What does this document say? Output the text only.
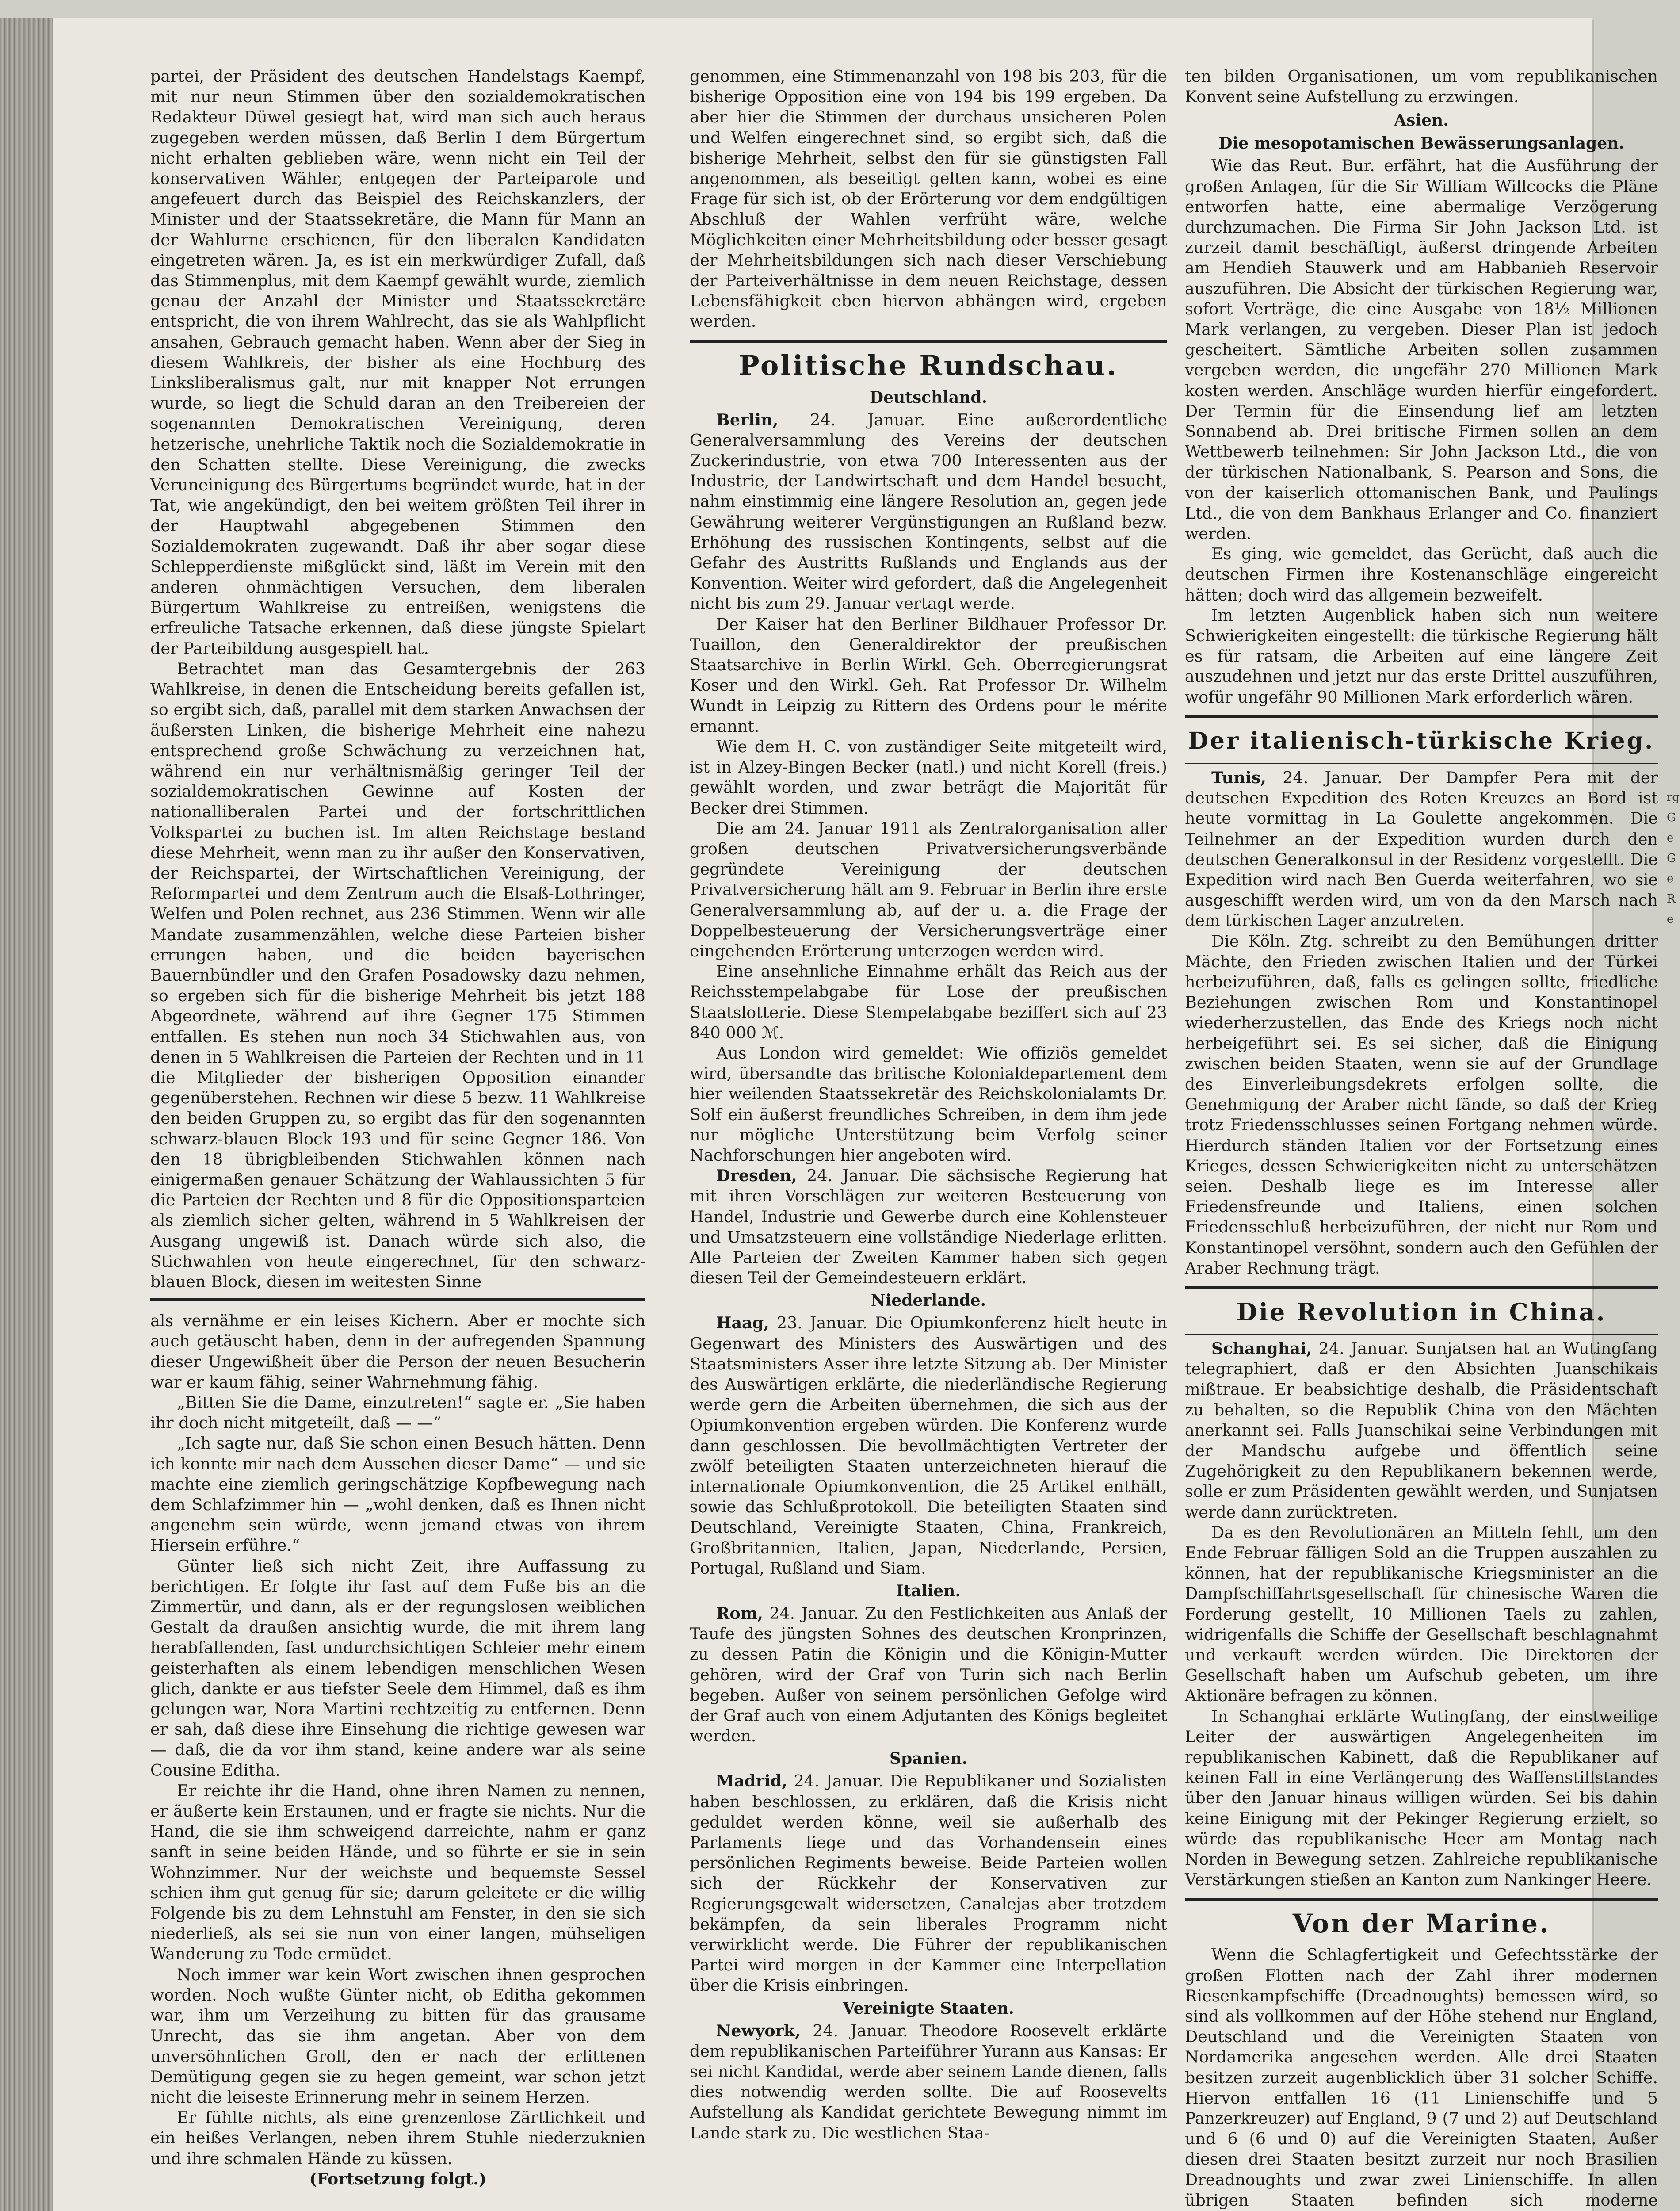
partei, der Präsident des deutschen Handelstags Kaempf, mit nur neun Stimmen über den sozialdemokratischen Redakteur Düwel gesiegt hat, wird man sich auch heraus zugegeben werden müssen, daß Berlin I dem Bürgertum nicht erhalten geblieben wäre, wenn nicht ein Teil der konservativen Wähler, entgegen der Parteiparole und angefeuert durch das Beispiel des Reichskanzlers, der Minister und der Staatssekretäre, die Mann für Mann an der Wahlurne erschienen, für den liberalen Kandidaten eingetreten wären. Ja, es ist ein merkwürdiger Zufall, daß das Stimmenplus, mit dem Kaempf gewählt wurde, ziemlich genau der Anzahl der Minister und Staatssekretäre entspricht, die von ihrem Wahlrecht, das sie als Wahlpflicht ansahen, Gebrauch gemacht haben. Wenn aber der Sieg in diesem Wahlkreis, der bisher als eine Hochburg des Linksliberalismus galt, nur mit knapper Not errungen wurde, so liegt die Schuld daran an den Treibereien der sogenannten Demokratischen Vereinigung, deren hetzerische, unehrliche Taktik noch die Sozialdemokratie in den Schatten stellte. Diese Vereinigung, die zwecks Veruneinigung des Bürgertums begründet wurde, hat in der Tat, wie angekündigt, den bei weitem größten Teil ihrer in der Hauptwahl abgegebenen Stimmen den Sozialdemokraten zugewandt. Daß ihr aber sogar diese Schlepperdienste mißglückt sind, läßt im Verein mit den anderen ohnmächtigen Versuchen, dem liberalen Bürgertum Wahlkreise zu entreißen, wenigstens die erfreuliche Tatsache erkennen, daß diese jüngste Spielart der Parteibildung ausgespielt hat.

Betrachtet man das Gesamtergebnis der 263 Wahlkreise, in denen die Entscheidung bereits gefallen ist, so ergibt sich, daß, parallel mit dem starken Anwachsen der äußersten Linken, die bisherige Mehrheit eine nahezu entsprechend große Schwächung zu verzeichnen hat, während ein nur verhältnismäßig geringer Teil der sozialdemokratischen Gewinne auf Kosten der nationalliberalen Partei und der fortschrittlichen Volkspartei zu buchen ist. Im alten Reichstage bestand diese Mehrheit, wenn man zu ihr außer den Konservativen, der Reichspartei, der Wirtschaftlichen Vereinigung, der Reformpartei und dem Zentrum auch die Elsaß-Lothringer, Welfen und Polen rechnet, aus 236 Stimmen. Wenn wir alle Mandate zusammenzählen, welche diese Parteien bisher errungen haben, und die beiden bayerischen Bauernbündler und den Grafen Posadowsky dazu nehmen, so ergeben sich für die bisherige Mehrheit bis jetzt 188 Abgeordnete, während auf ihre Gegner 175 Stimmen entfallen. Es stehen nun noch 34 Stichwahlen aus, von denen in 5 Wahlkreisen die Parteien der Rechten und in 11 die Mitglieder der bisherigen Opposition einander gegenüberstehen. Rechnen wir diese 5 bezw. 11 Wahlkreise den beiden Gruppen zu, so ergibt das für den sogenannten schwarz-blauen Block 193 und für seine Gegner 186. Von den 18 übrigbleibenden Stichwahlen können nach einigermaßen genauer Schätzung der Wahlaussichten 5 für die Parteien der Rechten und 8 für die Oppositionsparteien als ziemlich sicher gelten, während in 5 Wahlkreisen der Ausgang ungewiß ist. Danach würde sich also, die Stichwahlen von heute eingerechnet, für den schwarz-blauen Block, diesen im weitesten Sinne

als vernähme er ein leises Kichern. Aber er mochte sich auch getäuscht haben, denn in der aufregenden Spannung dieser Ungewißheit über die Person der neuen Besucherin war er kaum fähig, seiner Wahrnehmung fähig.

„Bitten Sie die Dame, einzutreten!“ sagte er. „Sie haben ihr doch nicht mitgeteilt, daß — —“

„Ich sagte nur, daß Sie schon einen Besuch hätten. Denn ich konnte mir nach dem Aussehen dieser Dame“ — und sie machte eine ziemlich geringschätzige Kopfbewegung nach dem Schlafzimmer hin — „wohl denken, daß es Ihnen nicht angenehm sein würde, wenn jemand etwas von ihrem Hiersein erführe.“

Günter ließ sich nicht Zeit, ihre Auffassung zu berichtigen. Er folgte ihr fast auf dem Fuße bis an die Zimmertür, und dann, als er der regungslosen weiblichen Gestalt da draußen ansichtig wurde, die mit ihrem lang herabfallenden, fast undurchsichtigen Schleier mehr einem geisterhaften als einem lebendigen menschlichen Wesen glich, dankte er aus tiefster Seele dem Himmel, daß es ihm gelungen war, Nora Martini rechtzeitig zu entfernen. Denn er sah, daß diese ihre Einsehung die richtige gewesen war — daß, die da vor ihm stand, keine andere war als seine Cousine Editha.

Er reichte ihr die Hand, ohne ihren Namen zu nennen, er äußerte kein Erstaunen, und er fragte sie nichts. Nur die Hand, die sie ihm schweigend darreichte, nahm er ganz sanft in seine beiden Hände, und so führte er sie in sein Wohnzimmer. Nur der weichste und bequemste Sessel schien ihm gut genug für sie; darum geleitete er die willig Folgende bis zu dem Lehnstuhl am Fenster, in den sie sich niederließ, als sei sie nun von einer langen, mühseligen Wanderung zu Tode ermüdet.

Noch immer war kein Wort zwischen ihnen gesprochen worden. Noch wußte Günter nicht, ob Editha gekommen war, ihm um Verzeihung zu bitten für das grausame Unrecht, das sie ihm angetan. Aber von dem unversöhnlichen Groll, den er nach der erlittenen Demütigung gegen sie zu hegen gemeint, war schon jetzt nicht die leiseste Erinnerung mehr in seinem Herzen.

Er fühlte nichts, als eine grenzenlose Zärtlichkeit und ein heißes Verlangen, neben ihrem Stuhle niederzuknien und ihre schmalen Hände zu küssen.

(Fortsetzung folgt.)

genommen, eine Stimmenanzahl von 198 bis 203, für die bisherige Opposition eine von 194 bis 199 ergeben. Da aber hier die Stimmen der durchaus unsicheren Polen und Welfen eingerechnet sind, so ergibt sich, daß die bisherige Mehrheit, selbst den für sie günstigsten Fall angenommen, als beseitigt gelten kann, wobei es eine Frage für sich ist, ob der Erörterung vor dem endgültigen Abschluß der Wahlen verfrüht wäre, welche Möglichkeiten einer Mehrheitsbildung oder besser gesagt der Mehrheitsbildungen sich nach dieser Verschiebung der Parteiverhältnisse in dem neuen Reichstage, dessen Lebensfähigkeit eben hiervon abhängen wird, ergeben werden.

Politische Rundschau.
Deutschland.

Berlin, 24. Januar. Eine außerordentliche Generalversammlung des Vereins der deutschen Zuckerindustrie, von etwa 700 Interessenten aus der Industrie, der Landwirtschaft und dem Handel besucht, nahm einstimmig eine längere Resolution an, gegen jede Gewährung weiterer Vergünstigungen an Rußland bezw. Erhöhung des russischen Kontingents, selbst auf die Gefahr des Austritts Rußlands und Englands aus der Konvention. Weiter wird gefordert, daß die Angelegenheit nicht bis zum 29. Januar vertagt werde.

Der Kaiser hat den Berliner Bildhauer Professor Dr. Tuaillon, den Generaldirektor der preußischen Staatsarchive in Berlin Wirkl. Geh. Oberregierungsrat Koser und den Wirkl. Geh. Rat Professor Dr. Wilhelm Wundt in Leipzig zu Rittern des Ordens pour le mérite ernannt.

Wie dem H. C. von zuständiger Seite mitgeteilt wird, ist in Alzey-Bingen Becker (natl.) und nicht Korell (freis.) gewählt worden, und zwar beträgt die Majorität für Becker drei Stimmen.

Die am 24. Januar 1911 als Zentralorganisation aller großen deutschen Privatversicherungsverbände gegründete Vereinigung der deutschen Privatversicherung hält am 9. Februar in Berlin ihre erste Generalversammlung ab, auf der u. a. die Frage der Doppelbesteuerung der Versicherungsverträge einer eingehenden Erörterung unterzogen werden wird.

Eine ansehnliche Einnahme erhält das Reich aus der Reichsstempelabgabe für Lose der preußischen Staatslotterie. Diese Stempelabgabe beziffert sich auf 23 840 000 ℳ.

Aus London wird gemeldet: Wie offiziös gemeldet wird, übersandte das britische Kolonialdepartement dem hier weilenden Staatssekretär des Reichskolonialamts Dr. Solf ein äußerst freundliches Schreiben, in dem ihm jede nur mögliche Unterstützung beim Verfolg seiner Nachforschungen hier angeboten wird.

Dresden, 24. Januar. Die sächsische Regierung hat mit ihren Vorschlägen zur weiteren Besteuerung von Handel, Industrie und Gewerbe durch eine Kohlensteuer und Umsatzsteuern eine vollständige Niederlage erlitten. Alle Parteien der Zweiten Kammer haben sich gegen diesen Teil der Gemeindesteuern erklärt.

Niederlande.

Haag, 23. Januar. Die Opiumkonferenz hielt heute in Gegenwart des Ministers des Auswärtigen und des Staatsministers Asser ihre letzte Sitzung ab. Der Minister des Auswärtigen erklärte, die niederländische Regierung werde gern die Arbeiten übernehmen, die sich aus der Opiumkonvention ergeben würden. Die Konferenz wurde dann geschlossen. Die bevollmächtigten Vertreter der zwölf beteiligten Staaten unterzeichneten hierauf die internationale Opiumkonvention, die 25 Artikel enthält, sowie das Schlußprotokoll. Die beteiligten Staaten sind Deutschland, Vereinigte Staaten, China, Frankreich, Großbritannien, Italien, Japan, Niederlande, Persien, Portugal, Rußland und Siam.

Italien.

Rom, 24. Januar. Zu den Festlichkeiten aus Anlaß der Taufe des jüngsten Sohnes des deutschen Kronprinzen, zu dessen Patin die Königin und die Königin-Mutter gehören, wird der Graf von Turin sich nach Berlin begeben. Außer von seinem persönlichen Gefolge wird der Graf auch von einem Adjutanten des Königs begleitet werden.

Spanien.

Madrid, 24. Januar. Die Republikaner und Sozialisten haben beschlossen, zu erklären, daß die Krisis nicht geduldet werden könne, weil sie außerhalb des Parlaments liege und das Vorhandensein eines persönlichen Regiments beweise. Beide Parteien wollen sich der Rückkehr der Konservativen zur Regierungsgewalt widersetzen, Canalejas aber trotzdem bekämpfen, da sein liberales Programm nicht verwirklicht werde. Die Führer der republikanischen Partei wird morgen in der Kammer eine Interpellation über die Krisis einbringen.

Vereinigte Staaten.

Newyork, 24. Januar. Theodore Roosevelt erklärte dem republikanischen Parteiführer Yurann aus Kansas: Er sei nicht Kandidat, werde aber seinem Lande dienen, falls dies notwendig werden sollte. Die auf Roosevelts Aufstellung als Kandidat gerichtete Bewegung nimmt im Lande stark zu. Die westlichen Staa-

ten bilden Organisationen, um vom republikanischen Konvent seine Aufstellung zu erzwingen.

Asien.
Die mesopotamischen Bewässerungsanlagen.

Wie das Reut. Bur. erfährt, hat die Ausführung der großen Anlagen, für die Sir William Willcocks die Pläne entworfen hatte, eine abermalige Verzögerung durchzumachen. Die Firma Sir John Jackson Ltd. ist zurzeit damit beschäftigt, äußerst dringende Arbeiten am Hendieh Stauwerk und am Habbanieh Reservoir auszuführen. Die Absicht der türkischen Regierung war, sofort Verträge, die eine Ausgabe von 18½ Millionen Mark verlangen, zu vergeben. Dieser Plan ist jedoch gescheitert. Sämtliche Arbeiten sollen zusammen vergeben werden, die ungefähr 270 Millionen Mark kosten werden. Anschläge wurden hierfür eingefordert. Der Termin für die Einsendung lief am letzten Sonnabend ab. Drei britische Firmen sollen an dem Wettbewerb teilnehmen: Sir John Jackson Ltd., die von der türkischen Nationalbank, S. Pearson and Sons, die von der kaiserlich ottomanischen Bank, und Paulings Ltd., die von dem Bankhaus Erlanger and Co. finanziert werden.

Es ging, wie gemeldet, das Gerücht, daß auch die deutschen Firmen ihre Kostenanschläge eingereicht hätten; doch wird das allgemein bezweifelt.

Im letzten Augenblick haben sich nun weitere Schwierigkeiten eingestellt: die türkische Regierung hält es für ratsam, die Arbeiten auf eine längere Zeit auszudehnen und jetzt nur das erste Drittel auszuführen, wofür ungefähr 90 Millionen Mark erforderlich wären.

Der italienisch-türkische Krieg.

Tunis, 24. Januar. Der Dampfer Pera mit der deutschen Expedition des Roten Kreuzes an Bord ist heute vormittag in La Goulette angekommen. Die Teilnehmer an der Expedition wurden durch den deutschen Generalkonsul in der Residenz vorgestellt. Die Expedition wird nach Ben Guerda weiterfahren, wo sie ausgeschifft werden wird, um von da den Marsch nach dem türkischen Lager anzutreten.

Die Köln. Ztg. schreibt zu den Bemühungen dritter Mächte, den Frieden zwischen Italien und der Türkei herbeizuführen, daß, falls es gelingen sollte, friedliche Beziehungen zwischen Rom und Konstantinopel wiederherzustellen, das Ende des Kriegs noch nicht herbeigeführt sei. Es sei sicher, daß die Einigung zwischen beiden Staaten, wenn sie auf der Grundlage des Einverleibungsdekrets erfolgen sollte, die Genehmigung der Araber nicht fände, so daß der Krieg trotz Friedensschlusses seinen Fortgang nehmen würde. Hierdurch ständen Italien vor der Fortsetzung eines Krieges, dessen Schwierigkeiten nicht zu unterschätzen seien. Deshalb liege es im Interesse aller Friedensfreunde und Italiens, einen solchen Friedensschluß herbeizuführen, der nicht nur Rom und Konstantinopel versöhnt, sondern auch den Gefühlen der Araber Rechnung trägt.

Die Revolution in China.

Schanghai, 24. Januar. Sunjatsen hat an Wutingfang telegraphiert, daß er den Absichten Juanschikais mißtraue. Er beabsichtige deshalb, die Präsidentschaft zu behalten, so die Republik China von den Mächten anerkannt sei. Falls Juanschikai seine Verbindungen mit der Mandschu aufgebe und öffentlich seine Zugehörigkeit zu den Republikanern bekennen werde, solle er zum Präsidenten gewählt werden, und Sunjatsen werde dann zurücktreten.

Da es den Revolutionären an Mitteln fehlt, um den Ende Februar fälligen Sold an die Truppen auszahlen zu können, hat der republikanische Kriegsminister an die Dampfschiffahrtsgesellschaft für chinesische Waren die Forderung gestellt, 10 Millionen Taels zu zahlen, widrigenfalls die Schiffe der Gesellschaft beschlagnahmt und verkauft werden würden. Die Direktoren der Gesellschaft haben um Aufschub gebeten, um ihre Aktionäre befragen zu können.

In Schanghai erklärte Wutingfang, der einstweilige Leiter der auswärtigen Angelegenheiten im republikanischen Kabinett, daß die Republikaner auf keinen Fall in eine Verlängerung des Waffenstillstandes über den Januar hinaus willigen würden. Sei bis dahin keine Einigung mit der Pekinger Regierung erzielt, so würde das republikanische Heer am Montag nach Norden in Bewegung setzen. Zahlreiche republikanische Verstärkungen stießen an Kanton zum Nankinger Heere.

Von der Marine.

Wenn die Schlagfertigkeit und Gefechtsstärke der großen Flotten nach der Zahl ihrer modernen Riesenkampfschiffe (Dreadnoughts) bemessen wird, so sind als vollkommen auf der Höhe stehend nur England, Deutschland und die Vereinigten Staaten von Nordamerika angesehen werden. Alle drei Staaten besitzen zurzeit augenblicklich über 31 solcher Schiffe. Hiervon entfallen 16 (11 Linienschiffe und 5 Panzerkreuzer) auf England, 9 (7 und 2) auf Deutschland und 6 (6 und 0) auf die Vereinigten Staaten. Außer diesen drei Staaten besitzt zurzeit nur noch Brasilien Dreadnoughts und zwar zwei Linienschiffe. In allen übrigen Staaten befinden sich moderne

rg Ge Ge Re
